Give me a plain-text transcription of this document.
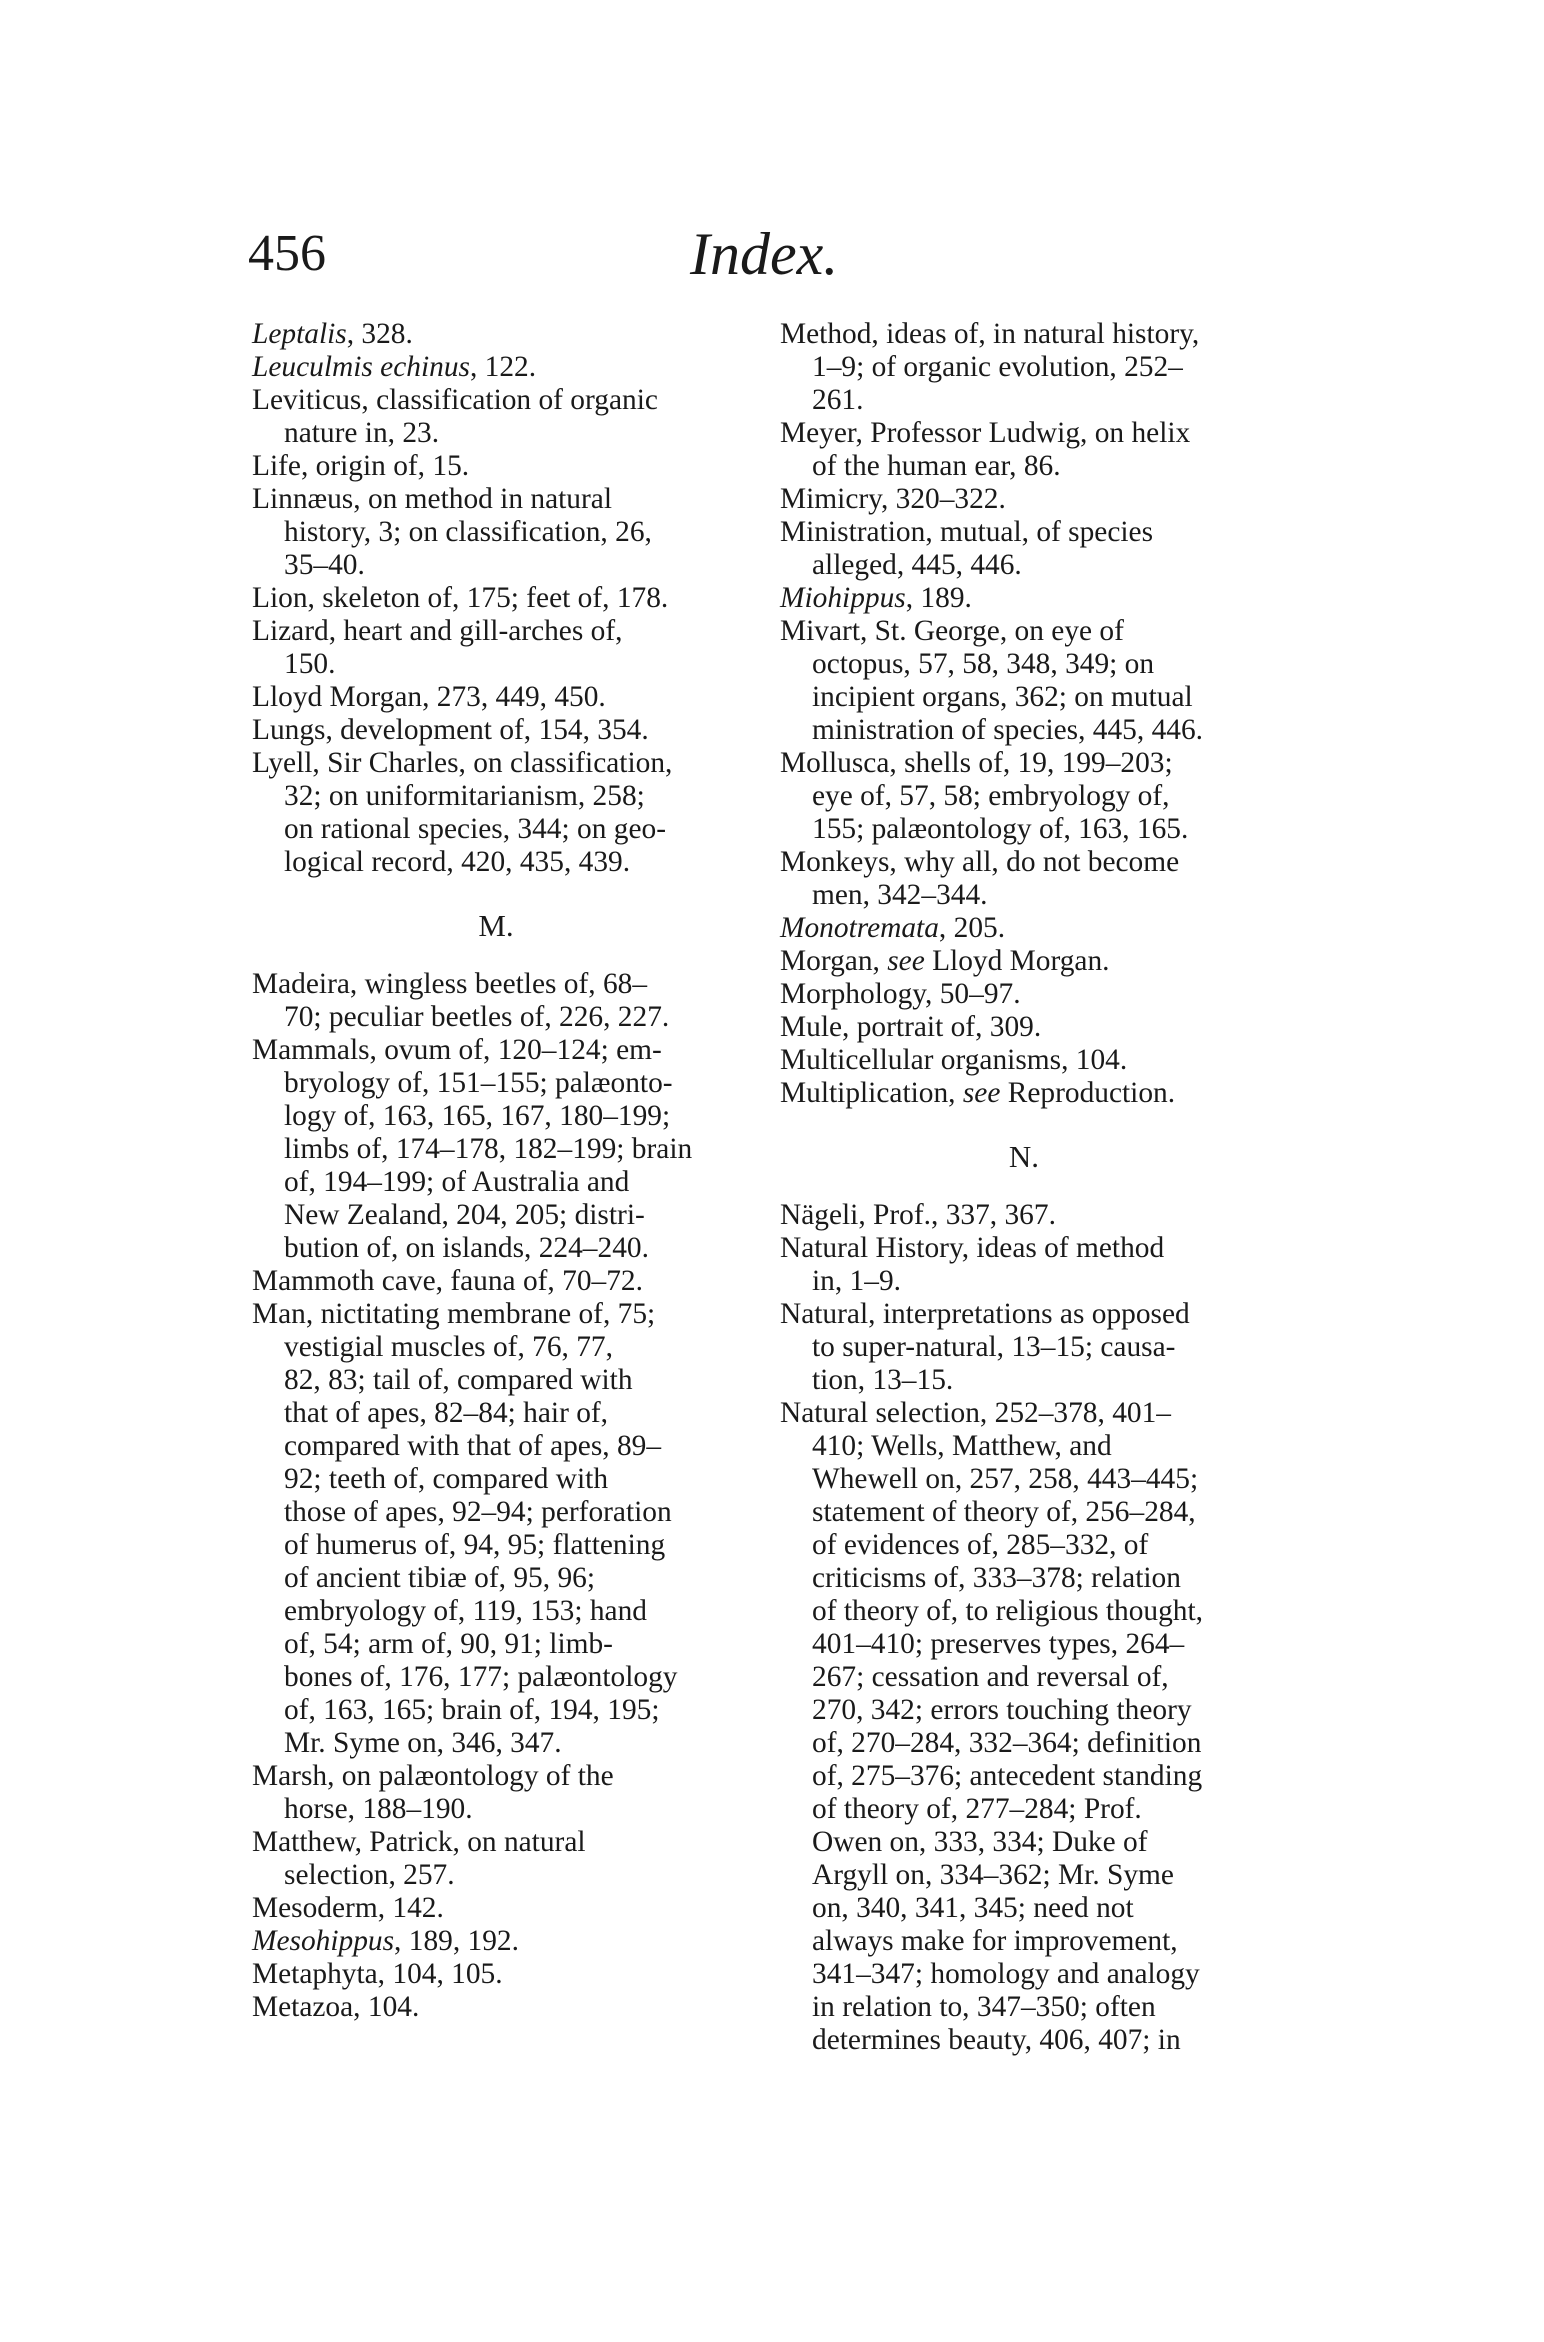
456	Index.
Leptalis, 328.
Leuculmis echinus, 122.
Leviticus, classification of organic
nature in, 23.
Life, origin of, 15.
Linnæus, on method in natural
history, 3; on classification, 26,
35–40.
Lion, skeleton of, 175; feet of, 178.
Lizard, heart and gill-arches of,
150.
Lloyd Morgan, 273, 449, 450.
Lungs, development of, 154, 354.
Lyell, Sir Charles, on classification,
32; on uniformitarianism, 258;
on rational species, 344; on geo-
logical record, 420, 435, 439.
M.
Madeira, wingless beetles of, 68–
70; peculiar beetles of, 226, 227.
Mammals, ovum of, 120–124; em-
bryology of, 151–155; palæonto-
logy of, 163, 165, 167, 180–199;
limbs of, 174–178, 182–199; brain
of, 194–199; of Australia and
New Zealand, 204, 205; distri-
bution of, on islands, 224–240.
Mammoth cave, fauna of, 70–72.
Man, nictitating membrane of, 75;
vestigial muscles of, 76, 77,
82, 83; tail of, compared with
that of apes, 82–84; hair of,
compared with that of apes, 89–
92; teeth of, compared with
those of apes, 92–94; perforation
of humerus of, 94, 95; flattening
of ancient tibiæ of, 95, 96;
embryology of, 119, 153; hand
of, 54; arm of, 90, 91; limb-
bones of, 176, 177; palæontology
of, 163, 165; brain of, 194, 195;
Mr. Syme on, 346, 347.
Marsh, on palæontology of the
horse, 188–190.
Matthew, Patrick, on natural
selection, 257.
Mesoderm, 142.
Mesohippus, 189, 192.
Metaphyta, 104, 105.
Metazoa, 104.
Method, ideas of, in natural history,
1–9; of organic evolution, 252–
261.
Meyer, Professor Ludwig, on helix
of the human ear, 86.
Mimicry, 320–322.
Ministration, mutual, of species
alleged, 445, 446.
Miohippus, 189.
Mivart, St. George, on eye of
octopus, 57, 58, 348, 349; on
incipient organs, 362; on mutual
ministration of species, 445, 446.
Mollusca, shells of, 19, 199–203;
eye of, 57, 58; embryology of,
155; palæontology of, 163, 165.
Monkeys, why all, do not become
men, 342–344.
Monotremata, 205.
Morgan, see Lloyd Morgan.
Morphology, 50–97.
Mule, portrait of, 309.
Multicellular organisms, 104.
Multiplication, see Reproduction.
N.
Nägeli, Prof., 337, 367.
Natural History, ideas of method
in, 1–9.
Natural, interpretations as opposed
to super-natural, 13–15; causa-
tion, 13–15.
Natural selection, 252–378, 401–
410; Wells, Matthew, and
Whewell on, 257, 258, 443–445;
statement of theory of, 256–284,
of evidences of, 285–332, of
criticisms of, 333–378; relation
of theory of, to religious thought,
401–410; preserves types, 264–
267; cessation and reversal of,
270, 342; errors touching theory
of, 270–284, 332–364; definition
of, 275–376; antecedent standing
of theory of, 277–284; Prof.
Owen on, 333, 334; Duke of
Argyll on, 334–362; Mr. Syme
on, 340, 341, 345; need not
always make for improvement,
341–347; homology and analogy
in relation to, 347–350; often
determines beauty, 406, 407; in
